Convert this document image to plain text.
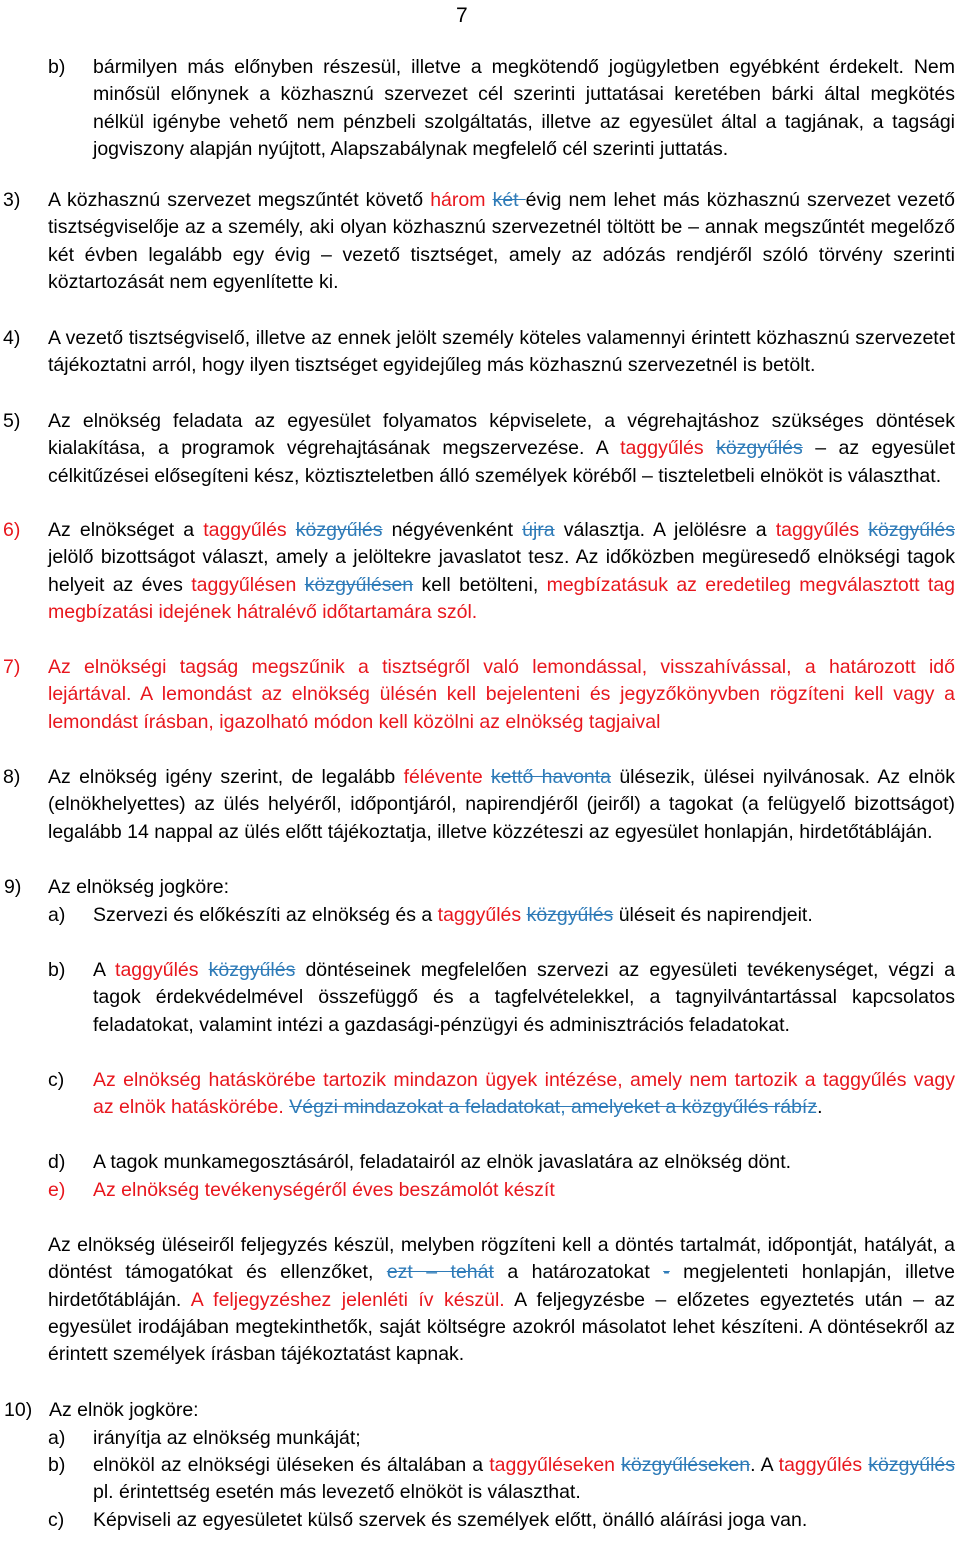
7
b) bármilyen más előnyben részesül, illetve a megkötendő jogügyletben egyébként érdekelt. Nem minősül előnynek a közhasznú szervezet cél szerinti juttatásai keretében bárki által megkötés nélkül igénybe vehető nem pénzbeli szolgáltatás, illetve az egyesület által a tagjának, a tagsági jogviszony alapján nyújtott, Alapszabálynak megfelelő cél szerinti juttatás.
3) A közhasznú szervezet megszűntét követő három két évig nem lehet más közhasznú szervezet vezető tisztségviselője az a személy, aki olyan közhasznú szervezetnél töltött be – annak megszűntét megelőző két évben legalább egy évig – vezető tisztséget, amely az adózás rendjéről szóló törvény szerinti köztartozását nem egyenlítette ki.
4) A vezető tisztségviselő, illetve az ennek jelölt személy köteles valamennyi érintett közhasznú szervezetet tájékoztatni arról, hogy ilyen tisztséget egyidejűleg más közhasznú szervezetnél is betölt.
5) Az elnökség feladata az egyesület folyamatos képviselete, a végrehajtáshoz szükséges döntések kialakítása, a programok végrehajtásának megszervezése. A taggyűlés közgyűlés – az egyesület célkitűzései elősegíteni kész, köztiszteletben álló személyek köréből – tiszteletbeli elnököt is választhat.
6) Az elnökséget a taggyűlés közgyűlés négyévenként újra választja. A jelölésre a taggyűlés közgyűlés jelölő bizottságot választ, amely a jelöltekre javaslatot tesz. Az időközben megüresedő elnökségi tagok helyeit az éves taggyűlésen közgyűlésen kell betölteni, megbízatásuk az eredetileg megválasztott tag megbízatási idejének hátralévő időtartamára szól.
7) Az elnökségi tagság megszűnik a tisztségről való lemondással, visszahívással, a határozott idő lejártával. A lemondást az elnökség ülésén kell bejelenteni és jegyzőkönyvben rögzíteni kell vagy a lemondást írásban, igazolható módon kell közölni az elnökség tagjaival
8) Az elnökség igény szerint, de legalább félévente kettő havonta ülésezik, ülései nyilvánosak. Az elnök (elnökhelyettes) az ülés helyéről, időpontjáról, napirendjéről (jeiről) a tagokat (a felügyelő bizottságot) legalább 14 nappal az ülés előtt tájékoztatja, illetve közzéteszi az egyesület honlapján, hirdetőtábláján.
9) Az elnökség jogköre:
a) Szervezi és előkészíti az elnökség és a taggyűlés közgyűlés üléseit és napirendjeit.
b) A taggyűlés közgyűlés döntéseinek megfelelően szervezi az egyesületi tevékenységet, végzi a tagok érdekvédelmével összefüggő és a tagfelvételekkel, a tagnyilvántartással kapcsolatos feladatokat, valamint intézi a gazdasági-pénzügyi és adminisztrációs feladatokat.
c) Az elnökség hatáskörébe tartozik mindazon ügyek intézése, amely nem tartozik a taggyűlés vagy az elnök hatáskörébe. Végzi mindazokat a feladatokat, amelyeket a közgyűlés rábíz.
d) A tagok munkamegosztásáról, feladatairól az elnök javaslatára az elnökség dönt.
e) Az elnökség tevékenységéről éves beszámolót készít
Az elnökség üléseiről feljegyzés készül, melyben rögzíteni kell a döntés tartalmát, időpontját, hatályát, a döntést támogatókat és ellenzőket, ezt – tehát a határozatokat - megjelenteti honlapján, illetve hirdetőtábláján. A feljegyzéshez jelenléti ív készül. A feljegyzésbe – előzetes egyeztetés után – az egyesület irodájában megtekinthetők, saját költségre azokról másolatot lehet készíteni. A döntésekről az érintett személyek írásban tájékoztatást kapnak.
10) Az elnök jogköre:
a) irányítja az elnökség munkáját;
b) elnököl az elnökségi üléseken és általában a taggyűléseken közgyűléseken. A taggyűlés közgyűlés pl. érintettség esetén más levezető elnököt is választhat.
c) Képviseli az egyesületet külső szervek és személyek előtt, önálló aláírási joga van.
